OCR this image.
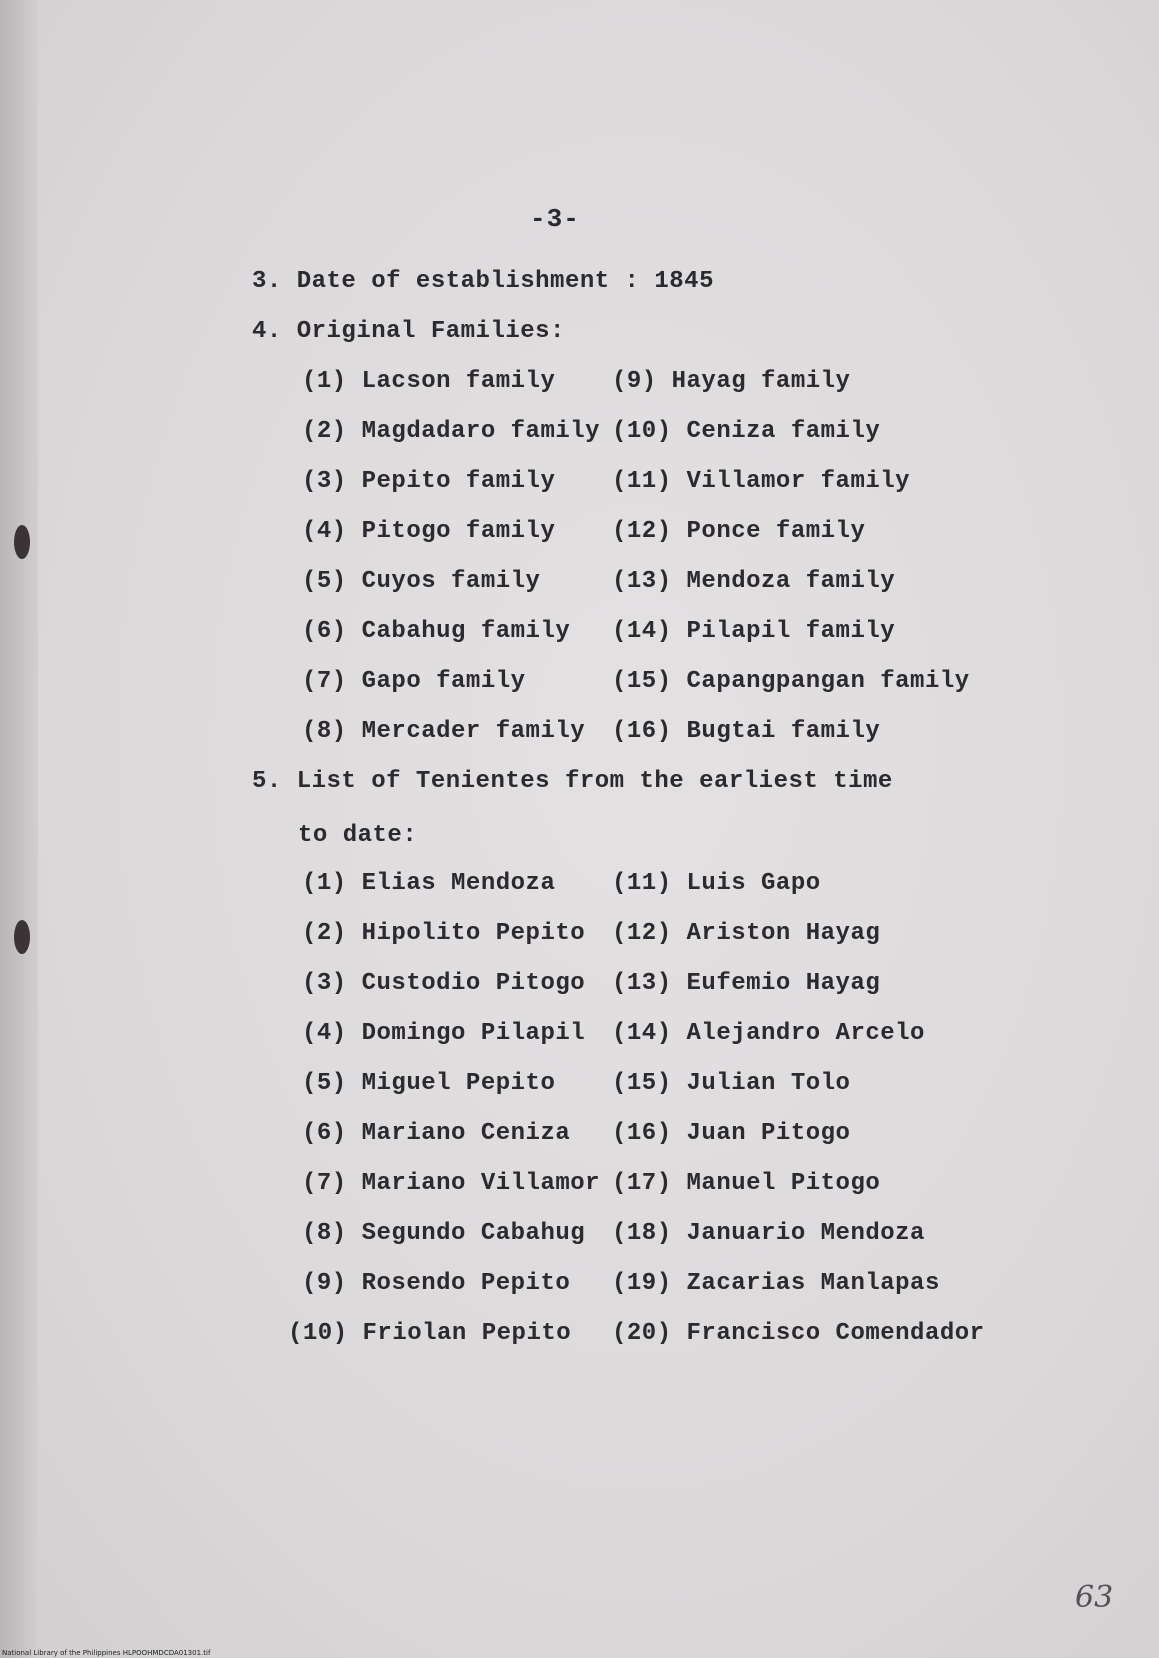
-3-
3. Date of establishment : 1845
4. Original Families:
(1) Lacson family
(2) Magdadaro family
(3) Pepito family
(4) Pitogo family
(5) Cuyos family
(6) Cabahug family
(7) Gapo family
(8) Mercader family
(9) Hayag family
(10) Ceniza family
(11) Villamor family
(12) Ponce family
(13) Mendoza family
(14) Pilapil family
(15) Capangpangan family
(16) Bugtai family
5. List of Tenientes from the earliest time
to date:
(1) Elias Mendoza
(2) Hipolito Pepito
(3) Custodio Pitogo
(4) Domingo Pilapil
(5) Miguel Pepito
(6) Mariano Ceniza
(7) Mariano Villamor
(8) Segundo Cabahug
(9) Rosendo Pepito
(10) Friolan Pepito
(11) Luis Gapo
(12) Ariston Hayag
(13) Eufemio Hayag
(14) Alejandro Arcelo
(15) Julian Tolo
(16) Juan Pitogo
(17) Manuel Pitogo
(18) Januario Mendoza
(19) Zacarias Manlapas
(20) Francisco Comendador
63
National Library of the Philippines HLPOOHMDCDA01301.tif
